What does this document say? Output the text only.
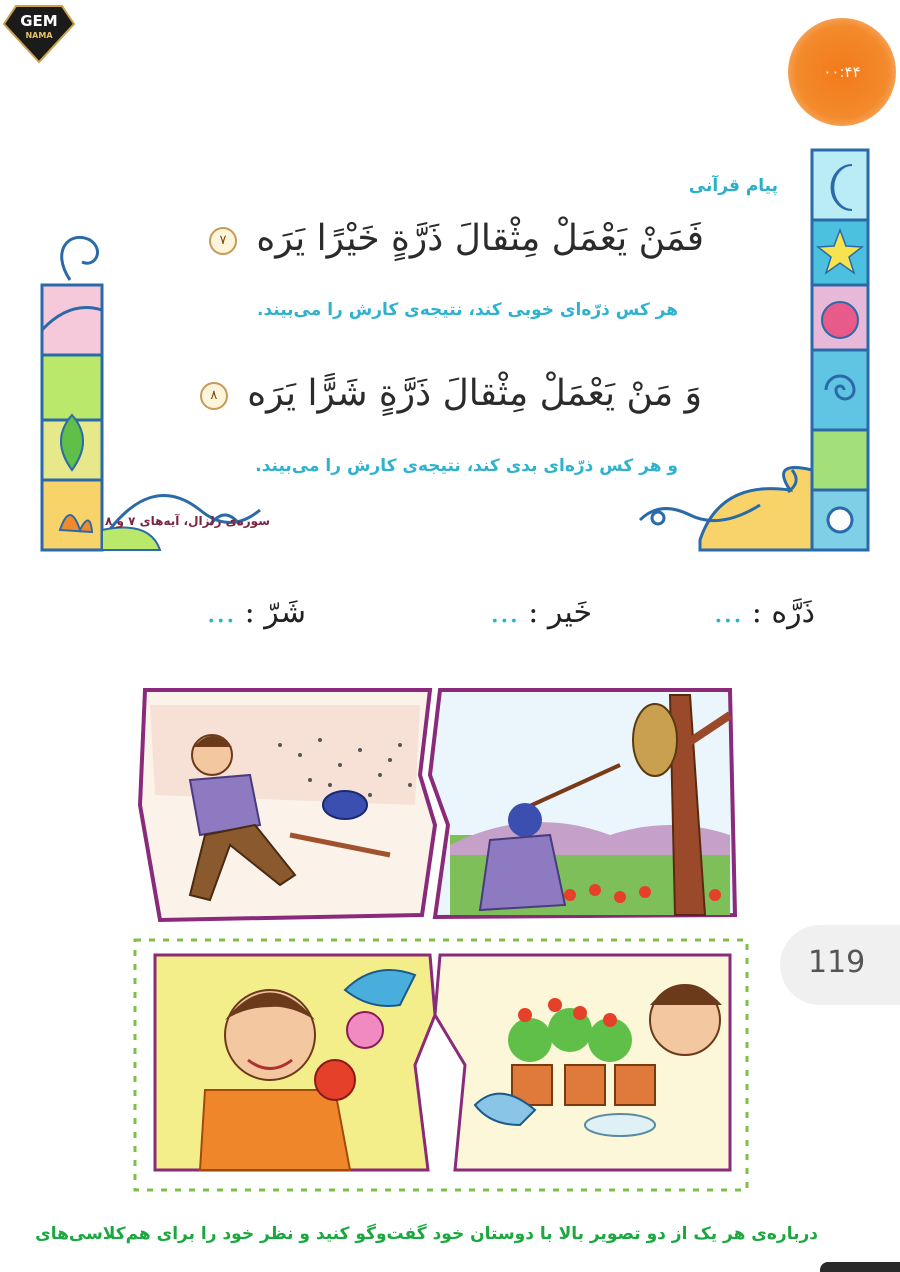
GEM
NAMA
۰۰:۴۴
پیام قرآنی
فَمَنْ يَعْمَلْ مِثْقالَ ذَرَّةٍ خَيْرًا يَرَه ۷
هر کس ذرّه‌ای خوبی کند، نتیجه‌ی کارش را می‌بیند.
وَ مَنْ يَعْمَلْ مِثْقالَ ذَرَّةٍ شَرًّا يَرَه ۸
و هر کس ذرّه‌ای بدی کند، نتیجه‌ی کارش را می‌بیند.
سوره‌ی زلزال، آیه‌های ۷ و ۸
ذَرَّه : ...
خَیر : ...
شَرّ : ...
119
درباره‌ی هر یک از دو تصویر بالا با دوستان خود گفت‌وگو کنید و نظر خود را برای هم‌کلاسی‌های
